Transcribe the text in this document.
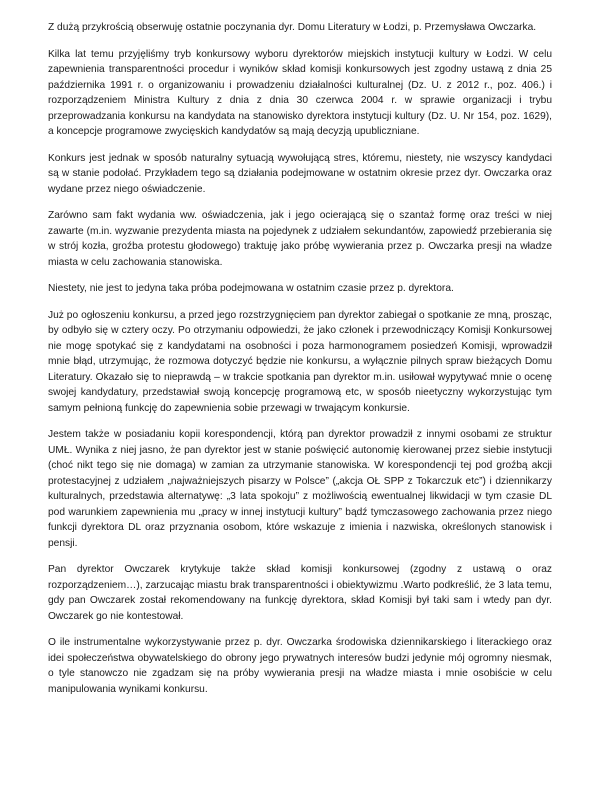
Z dużą przykrością obserwuję ostatnie poczynania dyr. Domu Literatury w Łodzi, p. Przemysława Owczarka.

Kilka lat temu przyjęliśmy tryb konkursowy wyboru dyrektorów miejskich instytucji kultury w Łodzi. W celu zapewnienia transparentności procedur i wyników skład komisji konkursowych jest zgodny ustawą z dnia 25 października 1991 r. o organizowaniu i prowadzeniu działalności kulturalnej (Dz. U. z 2012 r., poz. 406.) i rozporządzeniem Ministra Kultury z dnia z dnia 30 czerwca 2004 r. w sprawie organizacji i trybu przeprowadzania konkursu na kandydata na stanowisko dyrektora instytucji kultury (Dz. U. Nr 154, poz. 1629), a koncepcje programowe zwycięskich kandydatów są mają decyzją upubliczniane.

Konkurs jest jednak w sposób naturalny sytuacją wywołującą stres, któremu, niestety, nie wszyscy kandydaci są w stanie podołać. Przykładem tego są działania podejmowane w ostatnim okresie przez dyr. Owczarka oraz wydane przez niego oświadczenie.

Zarówno sam fakt wydania ww. oświadczenia, jak i jego ocierającą się o szantaż formę oraz treści w niej zawarte (m.in. wyzwanie prezydenta miasta na pojedynek z udziałem sekundantów, zapowiedź przebierania się w strój kozła, groźba protestu głodowego) traktuję jako próbę wywierania przez p. Owczarka presji na władze miasta w celu zachowania stanowiska.

Niestety, nie jest to jedyna taka próba podejmowana w ostatnim czasie przez p. dyrektora.

Już po ogłoszeniu konkursu, a przed jego rozstrzygnięciem pan dyrektor zabiegał o spotkanie ze mną, prosząc, by odbyło się w cztery oczy. Po otrzymaniu odpowiedzi, że jako członek i przewodniczący Komisji Konkursowej nie mogę spotykać się z kandydatami na osobności i poza harmonogramem posiedzeń Komisji, wprowadził mnie błąd, utrzymując, że rozmowa dotyczyć będzie nie konkursu, a wyłącznie pilnych spraw bieżących Domu Literatury. Okazało się to nieprawdą – w trakcie spotkania pan dyrektor m.in. usiłował wypytywać mnie o ocenę swojej kandydatury, przedstawiał swoją koncepcję programową etc, w sposób nieetyczny wykorzystując tym samym pełnioną funkcję do zapewnienia sobie przewagi w trwającym konkursie.

Jestem także w posiadaniu kopii korespondencji, którą pan dyrektor prowadził z innymi osobami ze struktur UMŁ. Wynika z niej jasno, że pan dyrektor jest w stanie poświęcić autonomię kierowanej przez siebie instytucji (choć nikt tego się nie domaga) w zamian za utrzymanie stanowiska. W korespondencji tej pod groźbą akcji protestacyjnej z udziałem „najważniejszych pisarzy w Polsce” („akcja OŁ SPP z Tokarczuk etc”) i dziennikarzy kulturalnych, przedstawia alternatywę: „3 lata spokoju” z możliwością ewentualnej likwidacji w tym czasie DL pod warunkiem zapewnienia mu „pracy w innej instytucji kultury” bądź tymczasowego zachowania przez niego funkcji dyrektora DL oraz przyznania osobom, które wskazuje z imienia i nazwiska, określonych stanowisk i pensji.

Pan dyrektor Owczarek krytykuje także skład komisji konkursowej (zgodny z ustawą o oraz rozporządzeniem…), zarzucając miastu brak transparentności i obiektywizmu .Warto podkreślić, że 3 lata temu, gdy pan Owczarek został rekomendowany na funkcję dyrektora, skład Komisji był taki sam i wtedy pan dyr. Owczarek go nie kontestował.

O ile instrumentalne wykorzystywanie przez p. dyr. Owczarka środowiska dziennikarskiego i literackiego oraz idei społeczeństwa obywatelskiego do obrony jego prywatnych interesów budzi jedynie mój ogromny niesmak, o tyle stanowczo nie zgadzam się na próby wywierania presji na władze miasta i mnie osobiście w celu manipulowania wynikami konkursu.
